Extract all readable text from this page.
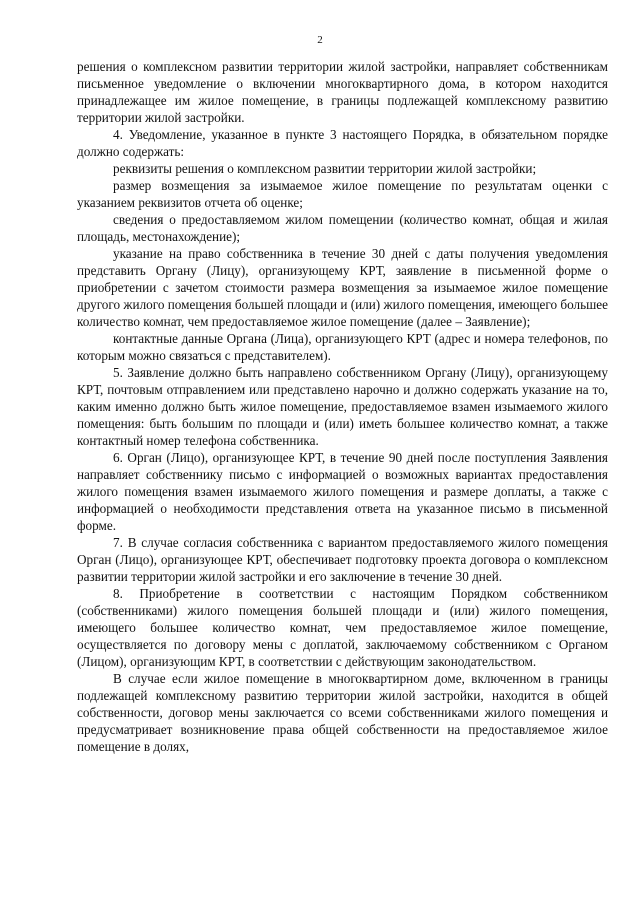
2

решения о комплексном развитии территории жилой застройки, направляет собственникам письменное уведомление о включении многоквартирного дома, в котором находится принадлежащее им жилое помещение, в границы подлежащей комплексному развитию территории жилой застройки.

4. Уведомление, указанное в пункте 3 настоящего Порядка, в обязательном порядке должно содержать:

реквизиты решения о комплексном развитии территории жилой застройки;

размер возмещения за изымаемое жилое помещение по результатам оценки с указанием реквизитов отчета об оценке;

сведения о предоставляемом жилом помещении (количество комнат, общая и жилая площадь, местонахождение);

указание на право собственника в течение 30 дней с даты получения уведомления представить Органу (Лицу), организующему КРТ, заявление в письменной форме о приобретении с зачетом стоимости размера возмещения за изымаемое жилое помещение другого жилого помещения большей площади и (или) жилого помещения, имеющего большее количество комнат, чем предоставляемое жилое помещение (далее – Заявление);

контактные данные Органа (Лица), организующего КРТ (адрес и номера телефонов, по которым можно связаться с представителем).

5. Заявление должно быть направлено собственником Органу (Лицу), организующему КРТ, почтовым отправлением или представлено нарочно и должно содержать указание на то, каким именно должно быть жилое помещение, предоставляемое взамен изымаемого жилого помещения: быть большим по площади и (или) иметь большее количество комнат, а также контактный номер телефона собственника.

6. Орган (Лицо), организующее КРТ, в течение 90 дней после поступления Заявления направляет собственнику письмо с информацией о возможных вариантах предоставления жилого помещения взамен изымаемого жилого помещения и размере доплаты, а также с информацией о необходимости представления ответа на указанное письмо в письменной форме.

7. В случае согласия собственника с вариантом предоставляемого жилого помещения Орган (Лицо), организующее КРТ, обеспечивает подготовку проекта договора о комплексном развитии территории жилой застройки и его заключение в течение 30 дней.

8. Приобретение в соответствии с настоящим Порядком собственником (собственниками) жилого помещения большей площади и (или) жилого помещения, имеющего большее количество комнат, чем предоставляемое жилое помещение, осуществляется по договору мены с доплатой, заключаемому собственником с Органом (Лицом), организующим КРТ, в соответствии с действующим законодательством.

В случае если жилое помещение в многоквартирном доме, включенном в границы подлежащей комплексному развитию территории жилой застройки, находится в общей собственности, договор мены заключается со всеми собственниками жилого помещения и предусматривает возникновение права общей собственности на предоставляемое жилое помещение в долях,
